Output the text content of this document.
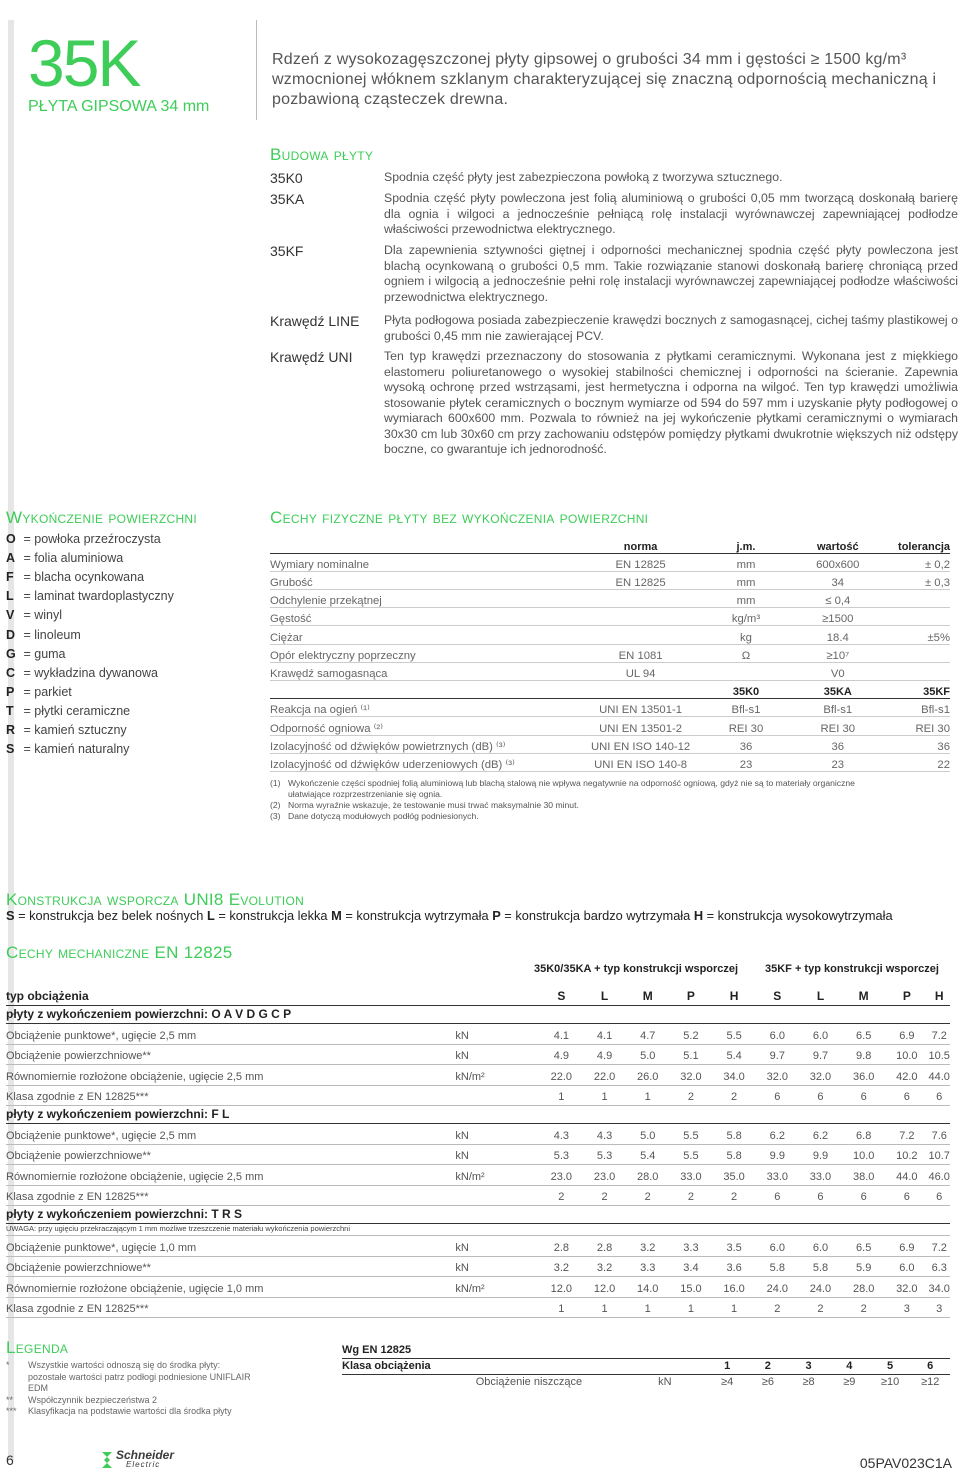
35K
PŁYTA GIPSOWA 34 mm
Rdzeń z wysokozagęszczonej płyty gipsowej o grubości 34 mm i gęstości ≥ 1500 kg/m³ wzmocnionej włóknem szklanym charakteryzującej się znaczną odpornością mechaniczną i pozbawioną cząsteczek drewna.
Budowa płyty
35K0	Spodnia część płyty jest zabezpieczona powłoką z tworzywa sztucznego.
35KA	Spodnia część płyty powleczona jest folią aluminiową o grubości 0,05 mm tworzącą doskonałą barierę dla ognia i wilgoci a jednocześnie pełniącą rolę instalacji wyrównawczej zapewniającej podłodze właściwości przewodnictwa elektrycznego.
35KF	Dla zapewnienia sztywności giętnej i odporności mechanicznej spodnia część płyty powleczona jest blachą ocynkowaną o grubości 0,5 mm. Takie rozwiązanie stanowi doskonałą barierę chroniącą przed ogniem i wilgocią a jednocześnie pełni rolę instalacji wyrównawczej zapewniającej podłodze właściwości przewodnictwa elektrycznego.
Krawędź LINE Płyta podłogowa posiada zabezpieczenie krawędzi bocznych z samogasnącej, cichej taśmy plastikowej o grubości 0,45 mm nie zawierającej PCV.
Krawędź UNI	Ten typ krawędzi przeznaczony do stosowania z płytkami ceramicznymi. Wykonana jest z miękkiego elastomeru poliuretanowego o wysokiej stabilności chemicznej i odporności na ścieranie. Zapewnia wysoką ochronę przed wstrząsami, jest hermetyczna i odporna na wilgoć. Ten typ krawędzi umożliwia stosowanie płytek ceramicznych o bocznym wymiarze od 594 do 597 mm i uzyskanie płyty podłogowej o wymiarach 600x600 mm. Pozwala to również na jej wykończenie płytkami ceramicznymi o wymiarach 30x30 cm lub 30x60 cm przy zachowaniu odstępów pomiędzy płytkami dwukrotnie większych niż odstępy boczne, co gwarantuje ich jednorodność.
Wykończenie powierzchni
O = powłoka przeźroczysta
A = folia aluminiowa
F = blacha ocynkowana
L = laminat twardoplastyczny
V = winyl
D = linoleum
G = guma
C = wykładzina dywanowa
P = parkiet
T = płytki ceramiczne
R = kamień sztuczny
S = kamień naturalny
Cechy fizyczne płyty bez wykończenia powierzchni
	norma	j.m.	wartość	tolerancja
Wymiary nominalne	EN 12825	mm	600x600	± 0,2
Grubość	EN 12825	mm	34	± 0,3
Odchylenie przekątnej		mm	≤ 0,4	
Gęstość		kg/m³	≥1500	
Ciężar		kg	18.4	±5%
Opór elektryczny poprzeczny	EN 1081	Ω	≥10⁷	
Krawędź samogasnąca	UL 94		V0	
		35K0	35KA	35KF
Reakcja na ogień ⁽¹⁾	UNI EN 13501-1	Bfl-s1	Bfl-s1	Bfl-s1
Odporność ogniowa ⁽²⁾	UNI EN 13501-2	REI 30	REI 30	REI 30
Izolacyjność od dźwięków powietrznych (dB) ⁽³⁾	UNI EN ISO 140-12	36	36	36
Izolacyjność od dźwięków uderzeniowych (dB) ⁽³⁾	UNI EN ISO 140-8	23	23	22
(1) Wykończenie części spodniej folią aluminiową lub blachą stalową nie wpływa negatywnie na odporność ogniową, gdyż nie są to materiały organiczne ułatwiające rozprzestrzenianie się ognia.
(2) Norma wyraźnie wskazuje, że testowanie musi trwać maksymalnie 30 minut.
(3) Dane dotyczą modułowych podłóg podniesionych.
Konstrukcja wsporcza UNI8 Evolution
S = konstrukcja bez belek nośnych L = konstrukcja lekka M = konstrukcja wytrzymała P = konstrukcja bardzo wytrzymała H = konstrukcja wysokowytrzymała
Cechy mechaniczne EN 12825
35K0/35KA + typ konstrukcji wsporczej 35KF + typ konstrukcji wsporczej
typ obciążenia		S	L	M	P	H	S	L	M	P	H
płyty z wykończeniem powierzchni: O A V D G C P											
Obciążenie punktowe*, ugięcie 2,5 mm	kN	4.1	4.1	4.7	5.2	5.5	6.0	6.0	6.5	6.9	7.2
Obciążenie powierzchniowe**	kN	4.9	4.9	5.0	5.1	5.4	9.7	9.7	9.8	10.0	10.5
Równomiernie rozłożone obciążenie, ugięcie 2,5 mm	kN/m²	22.0	22.0	26.0	32.0	34.0	32.0	32.0	36.0	42.0	44.0
Klasa zgodnie z EN 12825***		1	1	1	2	2	6	6	6	6	6
płyty z wykończeniem powierzchni: F L											
Obciążenie punktowe*, ugięcie 2,5 mm	kN	4.3	4.3	5.0	5.5	5.8	6.2	6.2	6.8	7.2	7.6
Obciążenie powierzchniowe**	kN	5.3	5.3	5.4	5.5	5.8	9.9	9.9	10.0	10.2	10.7
Równomiernie rozłożone obciążenie, ugięcie 2,5 mm	kN/m²	23.0	23.0	28.0	33.0	35.0	33.0	33.0	38.0	44.0	46.0
Klasa zgodnie z EN 12825***		2	2	2	2	2	6	6	6	6	6
płyty z wykończeniem powierzchni: T R S											
UWAGA: przy ugięciu przekraczającym 1 mm możliwe trzeszczenie materiału wykończenia powierzchni											
Obciążenie punktowe*, ugięcie 1,0 mm	kN	2.8	2.8	3.2	3.3	3.5	6.0	6.0	6.5	6.9	7.2
Obciążenie powierzchniowe**	kN	3.2	3.2	3.3	3.4	3.6	5.8	5.8	5.9	6.0	6.3
Równomiernie rozłożone obciążenie, ugięcie 1,0 mm	kN/m²	12.0	12.0	14.0	15.0	16.0	24.0	24.0	28.0	32.0	34.0
Klasa zgodnie z EN 12825***		1	1	1	1	1	2	2	2	3	3
Legenda
* Wszystkie wartości odnoszą się do środka płyty: pozostałe wartości patrz podłogi podniesione UNIFLAIR EDM
** Współczynnik bezpieczeństwa 2
*** Klasyfikacja na podstawie wartości dla środka płyty
Wg EN 12825								
Klasa obciążenia			1	2	3	4	5	6
	Obciążenie niszczące	kN	≥4	≥6	≥8	≥9	≥10	≥12
6	Schneider
Electric	05PAV023C1A
